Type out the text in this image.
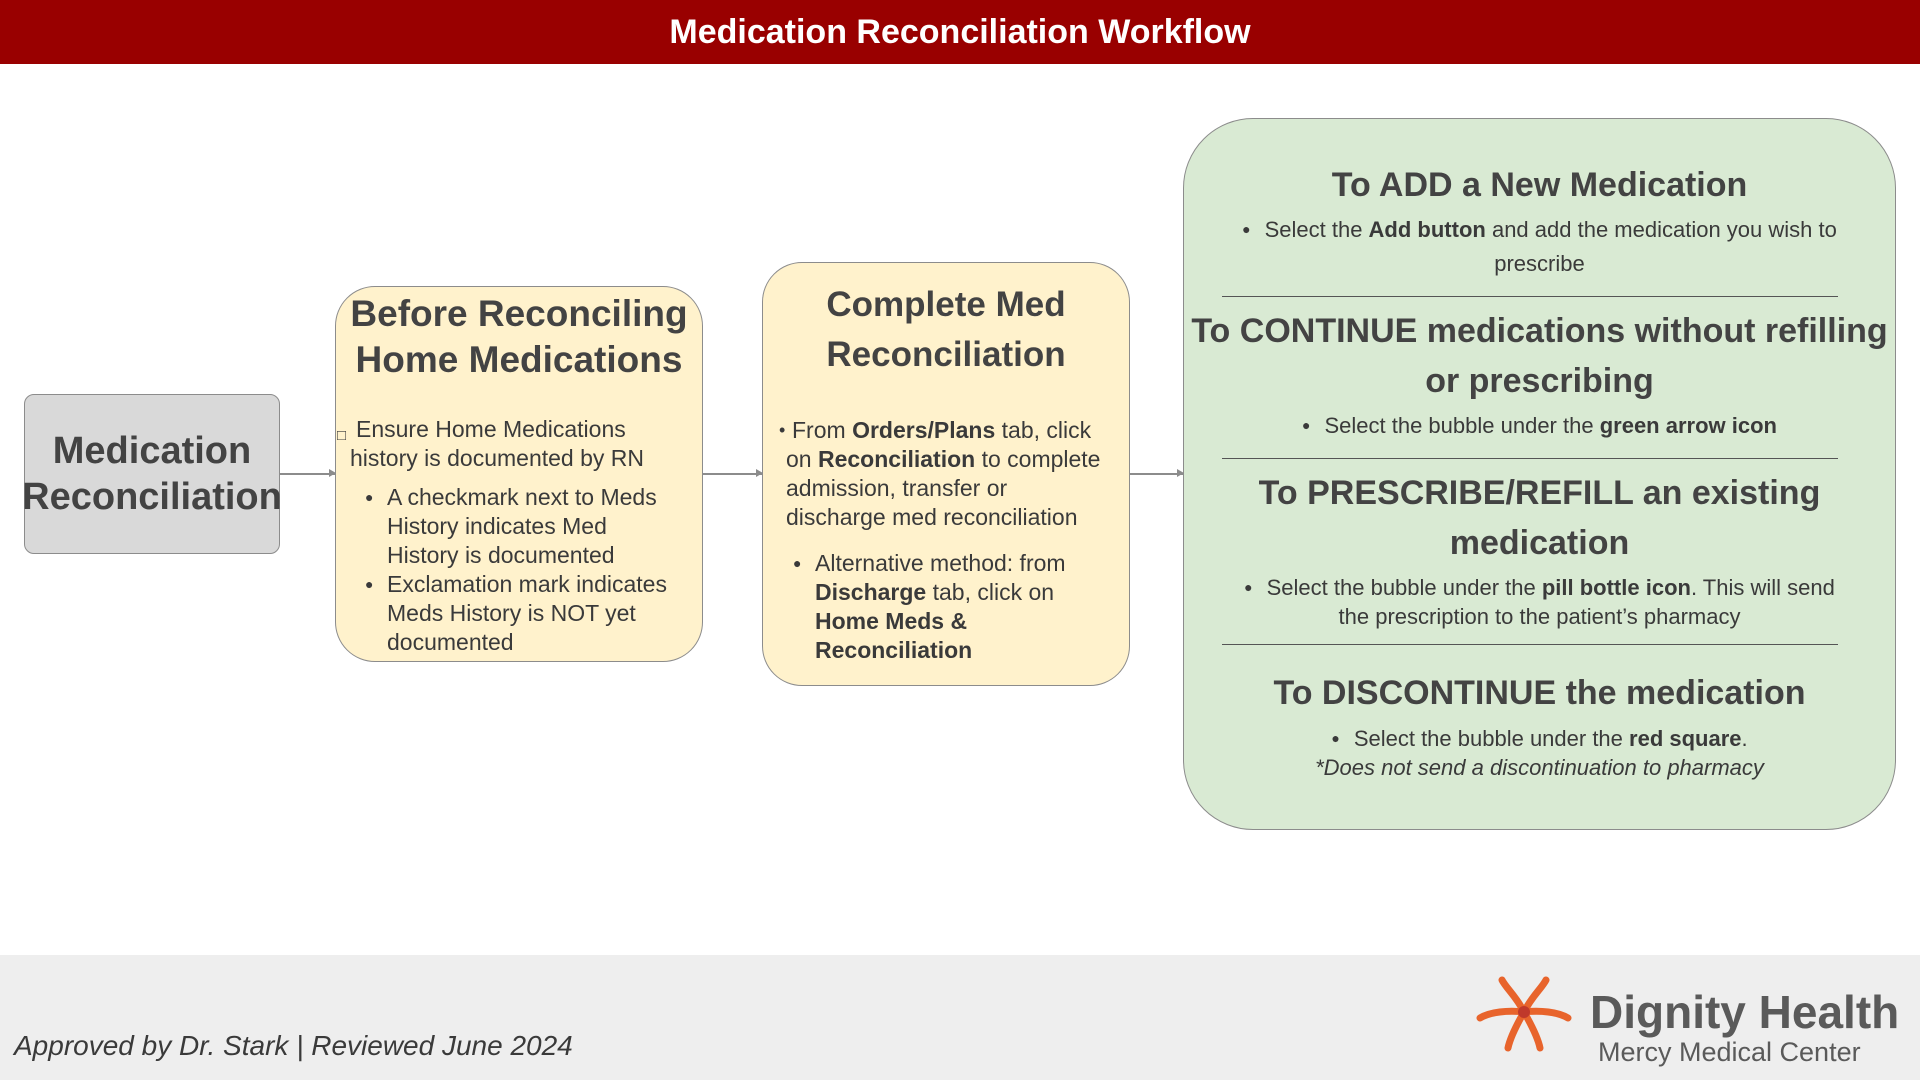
Medication Reconciliation Workflow
Medication
Reconciliation
Before Reconciling
Home Medications
□ Ensure Home Medications
history is documented by RN
● A checkmark next to Meds
History indicates Med
History is documented
● Exclamation mark indicates
Meds History is NOT yet
documented
Complete Med
Reconciliation
• From Orders/Plans tab, click
on Reconciliation to complete
admission, transfer or
discharge med reconciliation
● Alternative method: from
Discharge tab, click on
Home Meds &
Reconciliation
To ADD a New Medication
● Select the Add button and add the medication you wish to
prescribe
To CONTINUE medications without refilling
or prescribing
● Select the bubble under the green arrow icon
To PRESCRIBE/REFILL an existing
medication
● Select the bubble under the pill bottle icon. This will send
the prescription to the patient’s pharmacy
To DISCONTINUE the medication
● Select the bubble under the red square.
*Does not send a discontinuation to pharmacy
Approved by Dr. Stark | Reviewed June 2024
Dignity Health
Mercy Medical Center
